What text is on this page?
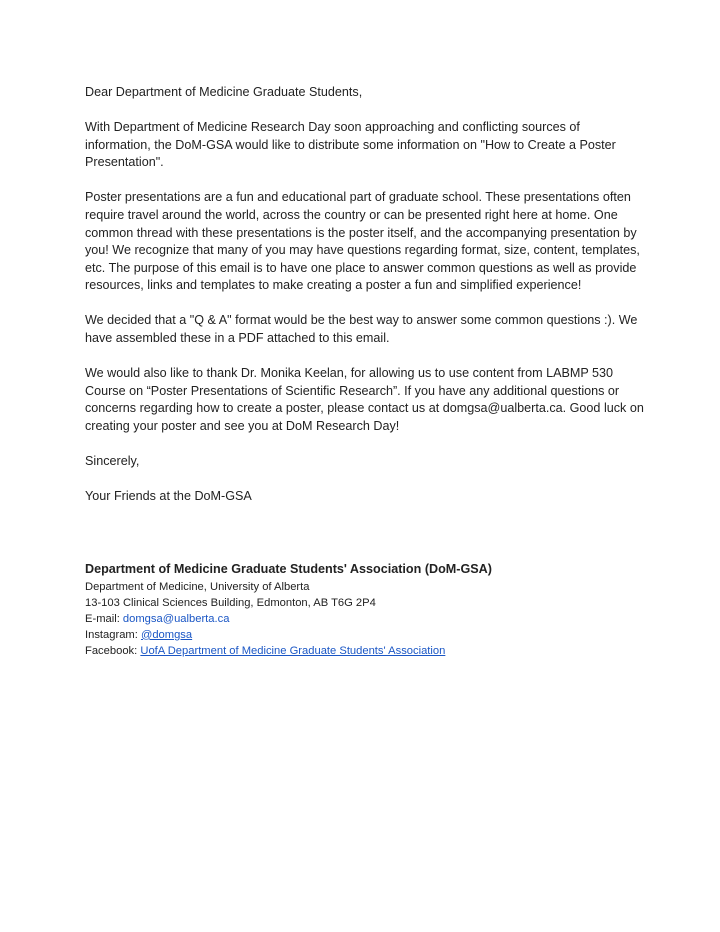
Dear Department of Medicine Graduate Students,

With Department of Medicine Research Day soon approaching and conflicting sources of information, the DoM-GSA would like to distribute some information on "How to Create a Poster Presentation".

Poster presentations are a fun and educational part of graduate school. These presentations often require travel around the world, across the country or can be presented right here at home. One common thread with these presentations is the poster itself, and the accompanying presentation by you! We recognize that many of you may have questions regarding format, size, content, templates, etc. The purpose of this email is to have one place to answer common questions as well as provide resources, links and templates to make creating a poster a fun and simplified experience!

We decided that a "Q & A" format would be the best way to answer some common questions :). We have assembled these in a PDF attached to this email.

We would also like to thank Dr. Monika Keelan, for allowing us to use content from LABMP 530 Course on “Poster Presentations of Scientific Research”. If you have any additional questions or concerns regarding how to create a poster, please contact us at domgsa@ualberta.ca. Good luck on creating your poster and see you at DoM Research Day!

Sincerely,

Your Friends at the DoM-GSA

Department of Medicine Graduate Students' Association (DoM-GSA)

Department of Medicine, University of Alberta

13-103 Clinical Sciences Building, Edmonton, AB T6G 2P4

E-mail: domgsa@ualberta.ca

Instagram: @domgsa

Facebook: UofA Department of Medicine Graduate Students' Association
